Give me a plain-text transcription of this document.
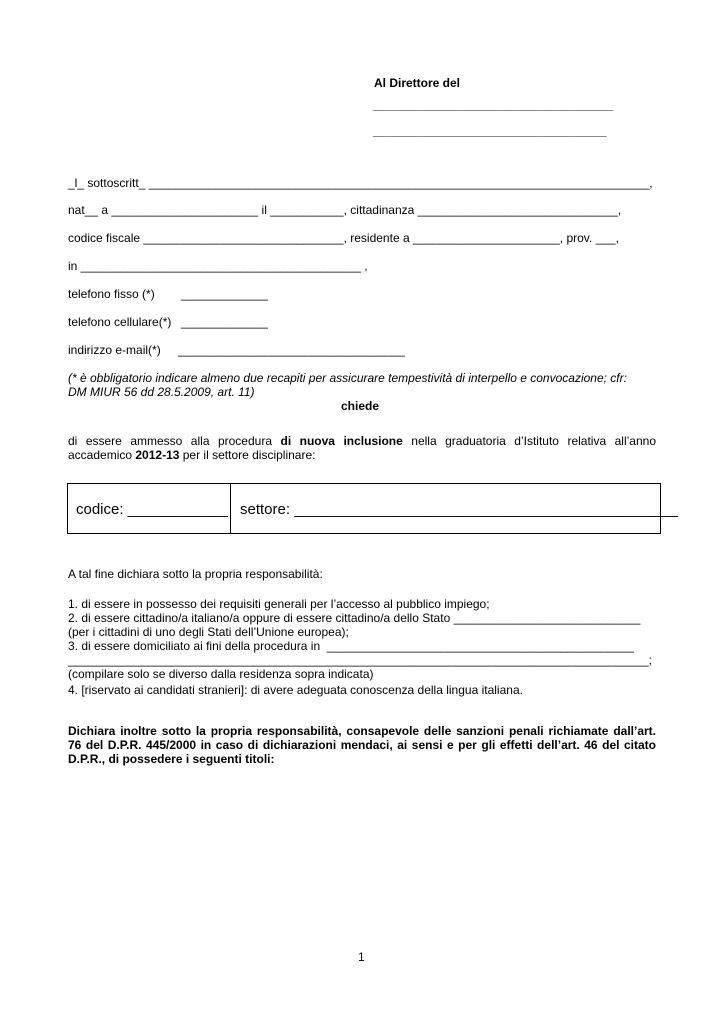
Al Direttore del
____________________________________
___________________________________
_l_ sottoscritt_ ___________________________________________________________________________,
nat__ a ______________________ il ___________, cittadinanza ______________________________,
codice fiscale ______________________________, residente a ______________________, prov. ___,
in __________________________________________ ,
telefono fisso (*) _____________
telefono cellulare(*) _____________
indirizzo e-mail(*) __________________________________
(* è obbligatorio indicare almeno due recapiti per assicurare tempestività di interpello e convocazione; cfr:
DM MIUR 56 dd 28.5.2009, art. 11)
chiede
di essere ammesso alla procedura di nuova inclusione nella graduatoria d’Istituto relativa all’anno
accademico 2012-13 per il settore disciplinare:
codice: ____________ settore: ______________________________________________
A tal fine dichiara sotto la propria responsabilità:
1. di essere in possesso dei requisiti generali per l’accesso al pubblico impiego;
2. di essere cittadino/a italiano/a oppure di essere cittadino/a dello Stato ____________________________
(per i cittadini di uno degli Stati dell’Unione europea);
3. di essere domiciliato ai fini della procedura in  ______________________________________________
_______________________________________________________________________________________;
(compilare solo se diverso dalla residenza sopra indicata)
4. [riservato ai candidati stranieri]: di avere adeguata conoscenza della lingua italiana.
Dichiara inoltre sotto la propria responsabilità, consapevole delle sanzioni penali richiamate dall’art.
76 del D.P.R. 445/2000 in caso di dichiarazioni mendaci, ai sensi e per gli effetti dell’art. 46 del citato
D.P.R., di possedere i seguenti titoli:
1
